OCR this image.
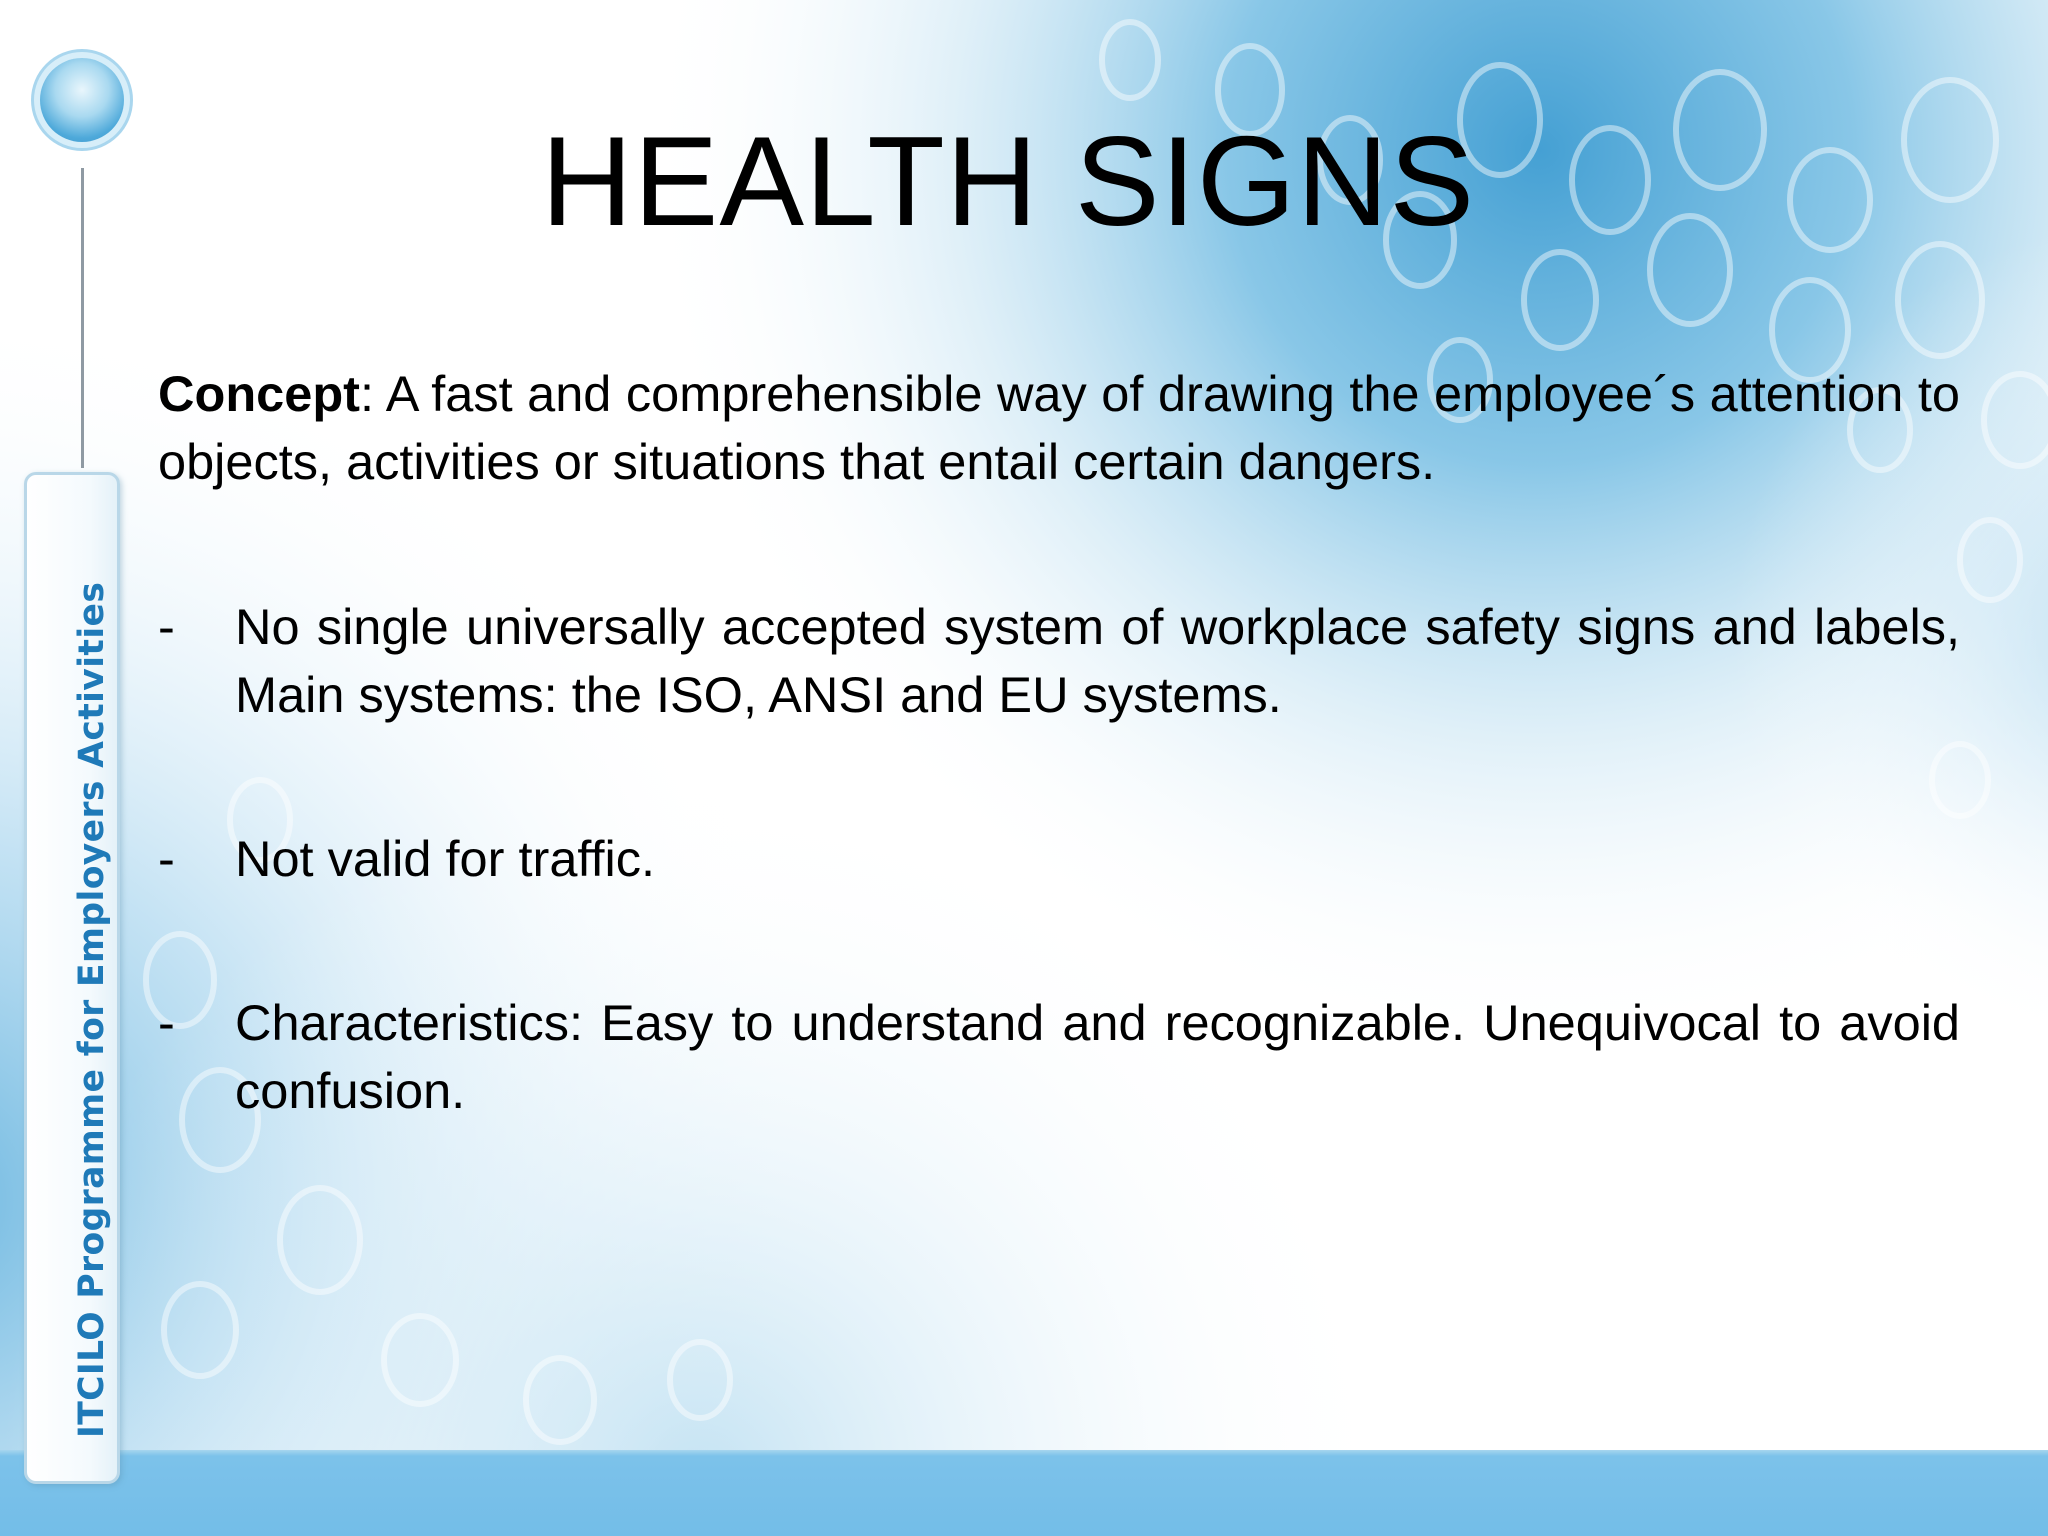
ITCILO Programme for Employers Activities
HEALTH SIGNS

Concept: A fast and comprehensible way of drawing the employee´s attention to objects, activities or situations that entail certain dangers.

- No single universally accepted system of workplace safety signs and labels, Main systems: the ISO, ANSI and EU systems.
- Not valid for traffic.
- Characteristics: Easy to understand and recognizable. Unequivocal to avoid confusion.
